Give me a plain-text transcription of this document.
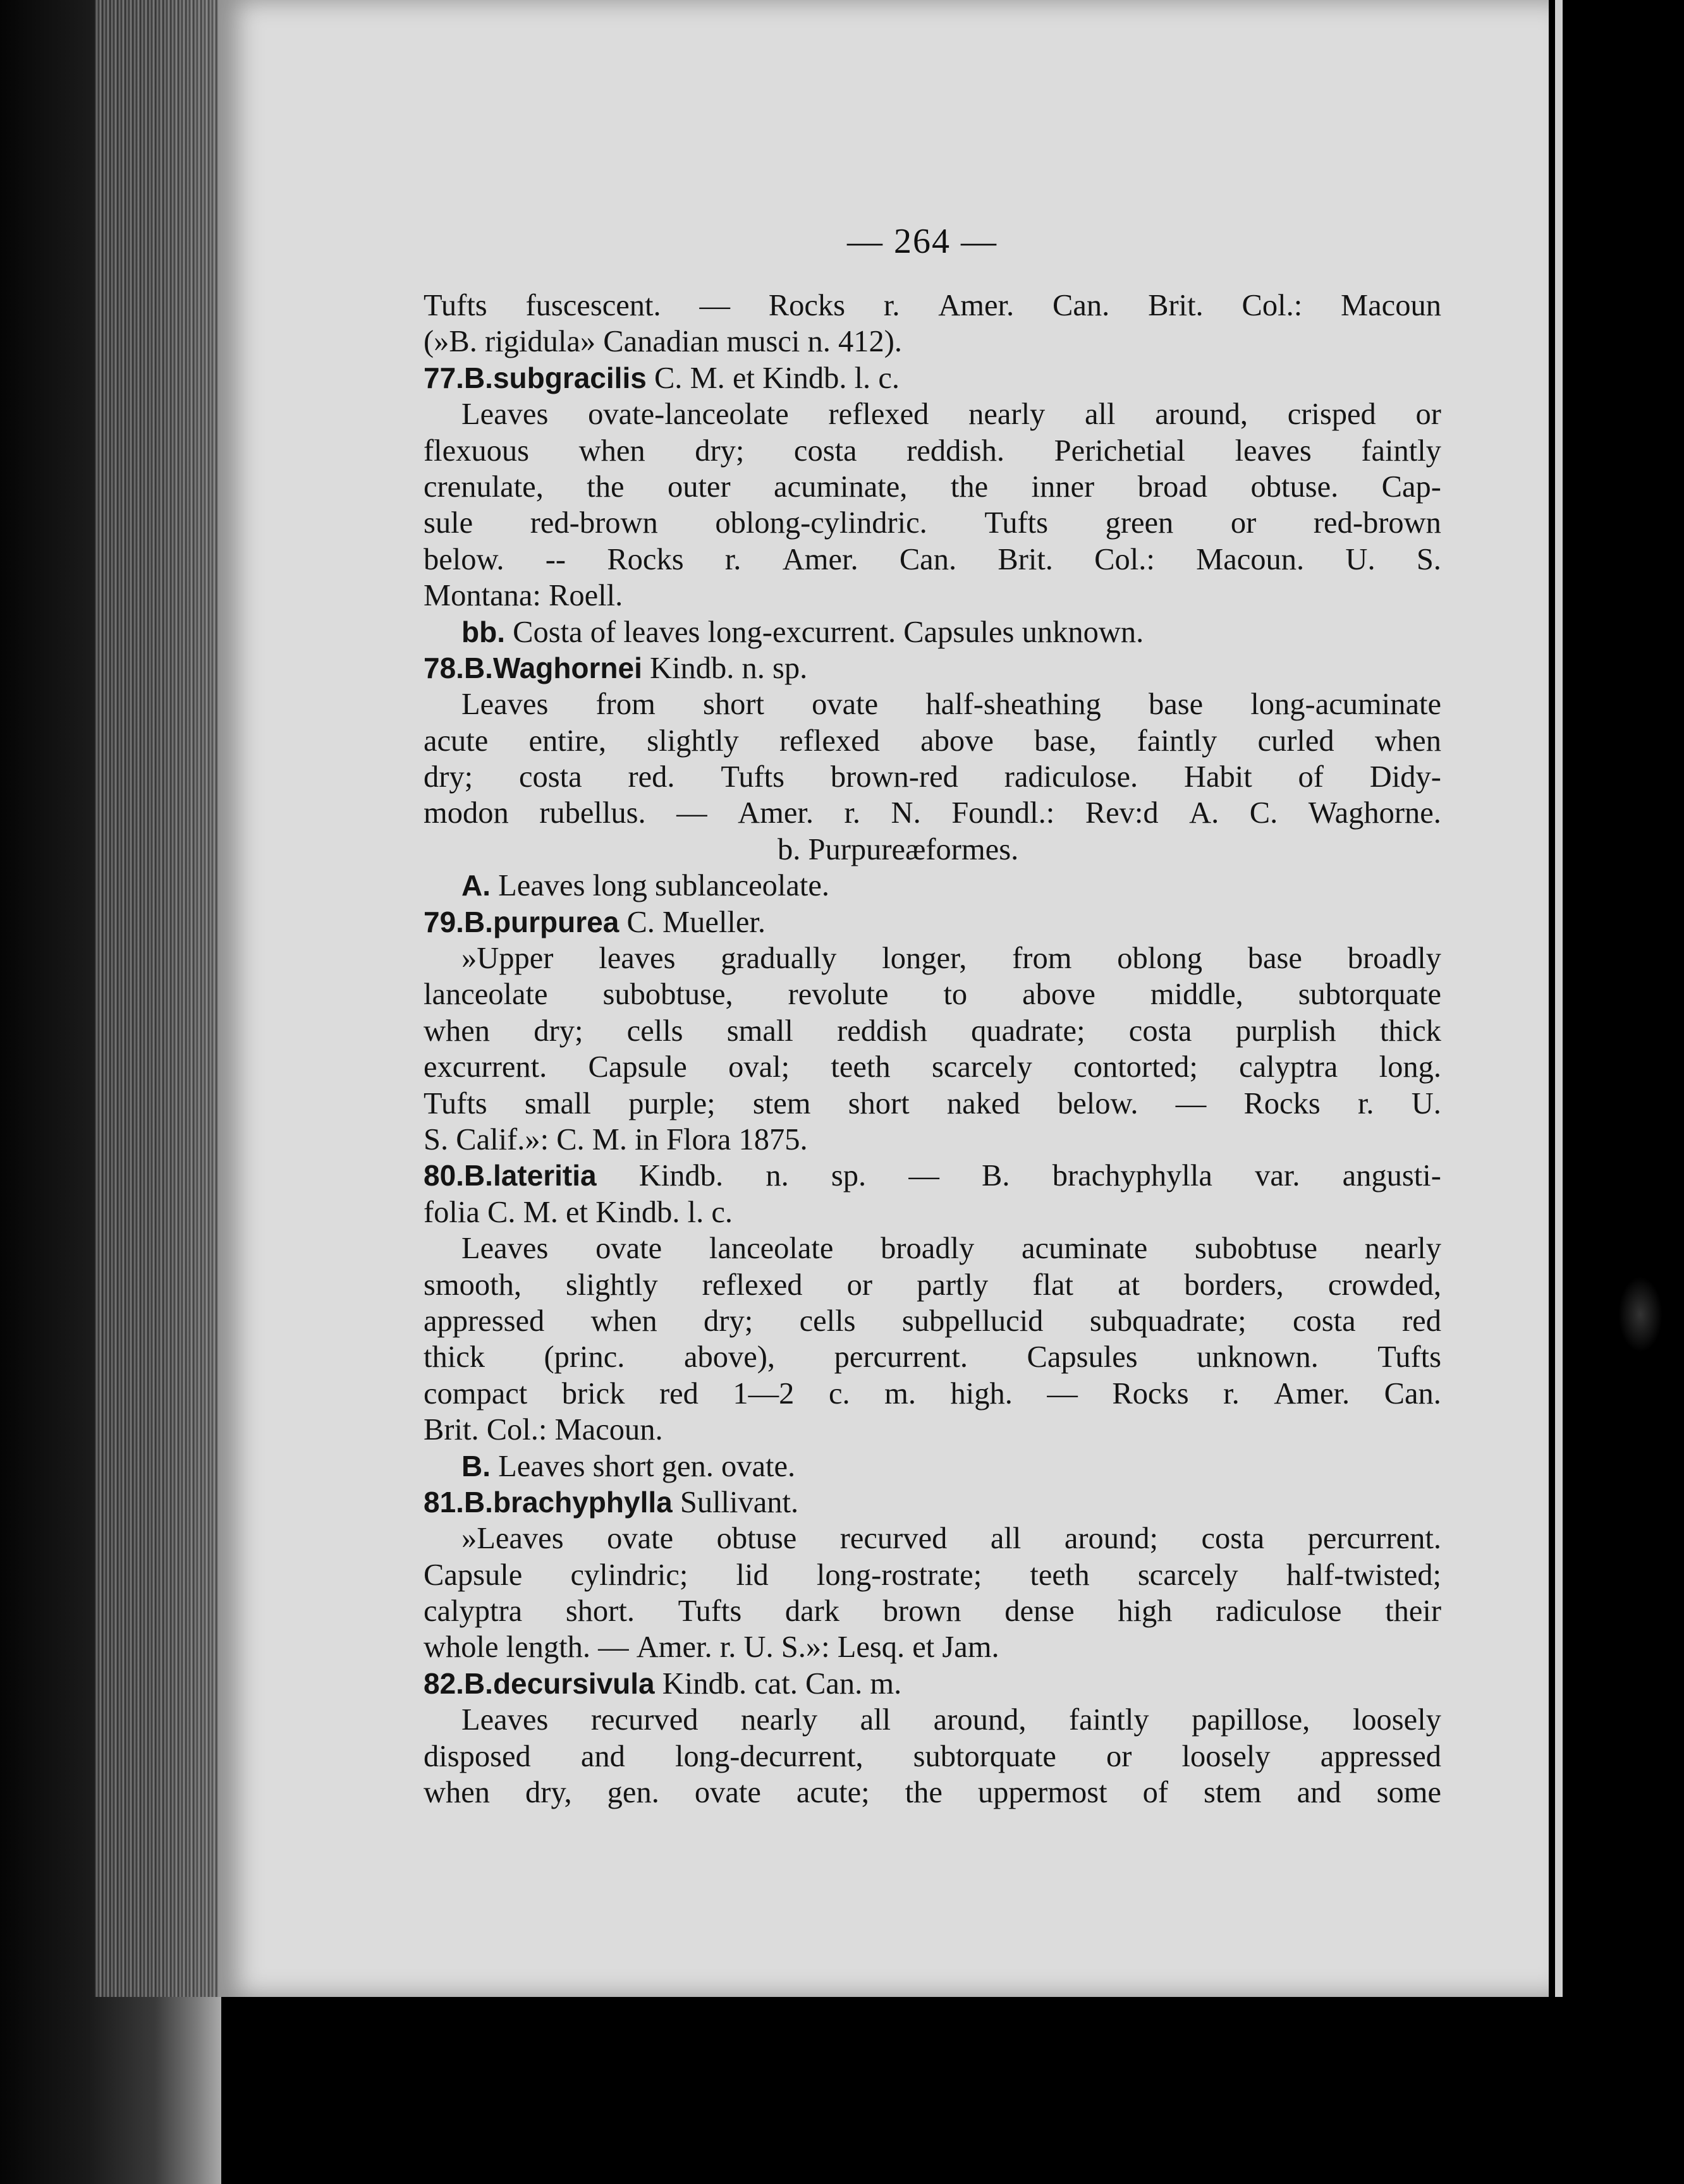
— 264 —
Tufts fuscescent. — Rocks r. Amer. Can. Brit. Col.: Macoun
(»B.
rigidula»
Canadian
musci
n.
412).
77.B.subgracilis
C.
M.
et
Kindb.
l.
c.
Leaves ovate-lanceolate reflexed nearly all around, crisped or
flexuous when dry; costa reddish. Perichetial leaves faintly
crenulate, the outer acuminate, the inner broad obtuse. Cap-
sule red-brown oblong-cylindric. Tufts green or red-brown
below. -- Rocks r. Amer. Can. Brit. Col.: Macoun. U. S.
Montana:
Roell.
bb.
Costa
of
leaves
long-excurrent.
Capsules
unknown.
78.B.Waghornei
Kindb.
n.
sp.
Leaves from short ovate half-sheathing base long-acuminate
acute entire, slightly reflexed above base, faintly curled when
dry; costa red. Tufts brown-red radiculose. Habit of Didy-
modon rubellus. — Amer. r. N. Foundl.: Rev:d A. C. Waghorne.
b.
Purpureæformes.
A.
Leaves
long
sublanceolate.
79.B.purpurea
C.
Mueller.
»Upper leaves gradually longer, from oblong base broadly
lanceolate subobtuse, revolute to above middle, subtorquate
when dry; cells small reddish quadrate; costa purplish thick
excurrent. Capsule oval; teeth scarcely contorted; calyptra long.
Tufts small purple; stem short naked below. — Rocks r. U.
S.
Calif.»:
C.
M.
in
Flora
1875.
80.B.lateritia Kindb. n. sp. — B. brachyphylla var. angusti-
folia
C.
M.
et
Kindb.
l.
c.
Leaves ovate lanceolate broadly acuminate subobtuse nearly
smooth, slightly reflexed or partly flat at borders, crowded,
appressed when dry; cells subpellucid subquadrate; costa red
thick (princ. above), percurrent. Capsules unknown. Tufts
compact brick red 1—2 c. m. high. — Rocks r. Amer. Can.
Brit.
Col.:
Macoun.
B.
Leaves
short
gen.
ovate.
81.B.brachyphylla
Sullivant.
»Leaves ovate obtuse recurved all around; costa percurrent.
Capsule cylindric; lid long-rostrate; teeth scarcely half-twisted;
calyptra short. Tufts dark brown dense high radiculose their
whole
length.
—
Amer.
r.
U.
S.»:
Lesq.
et
Jam.
82.B.decursivula
Kindb.
cat.
Can.
m.
Leaves recurved nearly all around, faintly papillose, loosely
disposed and long-decurrent, subtorquate or loosely appressed
when dry, gen. ovate acute; the uppermost of stem and some
